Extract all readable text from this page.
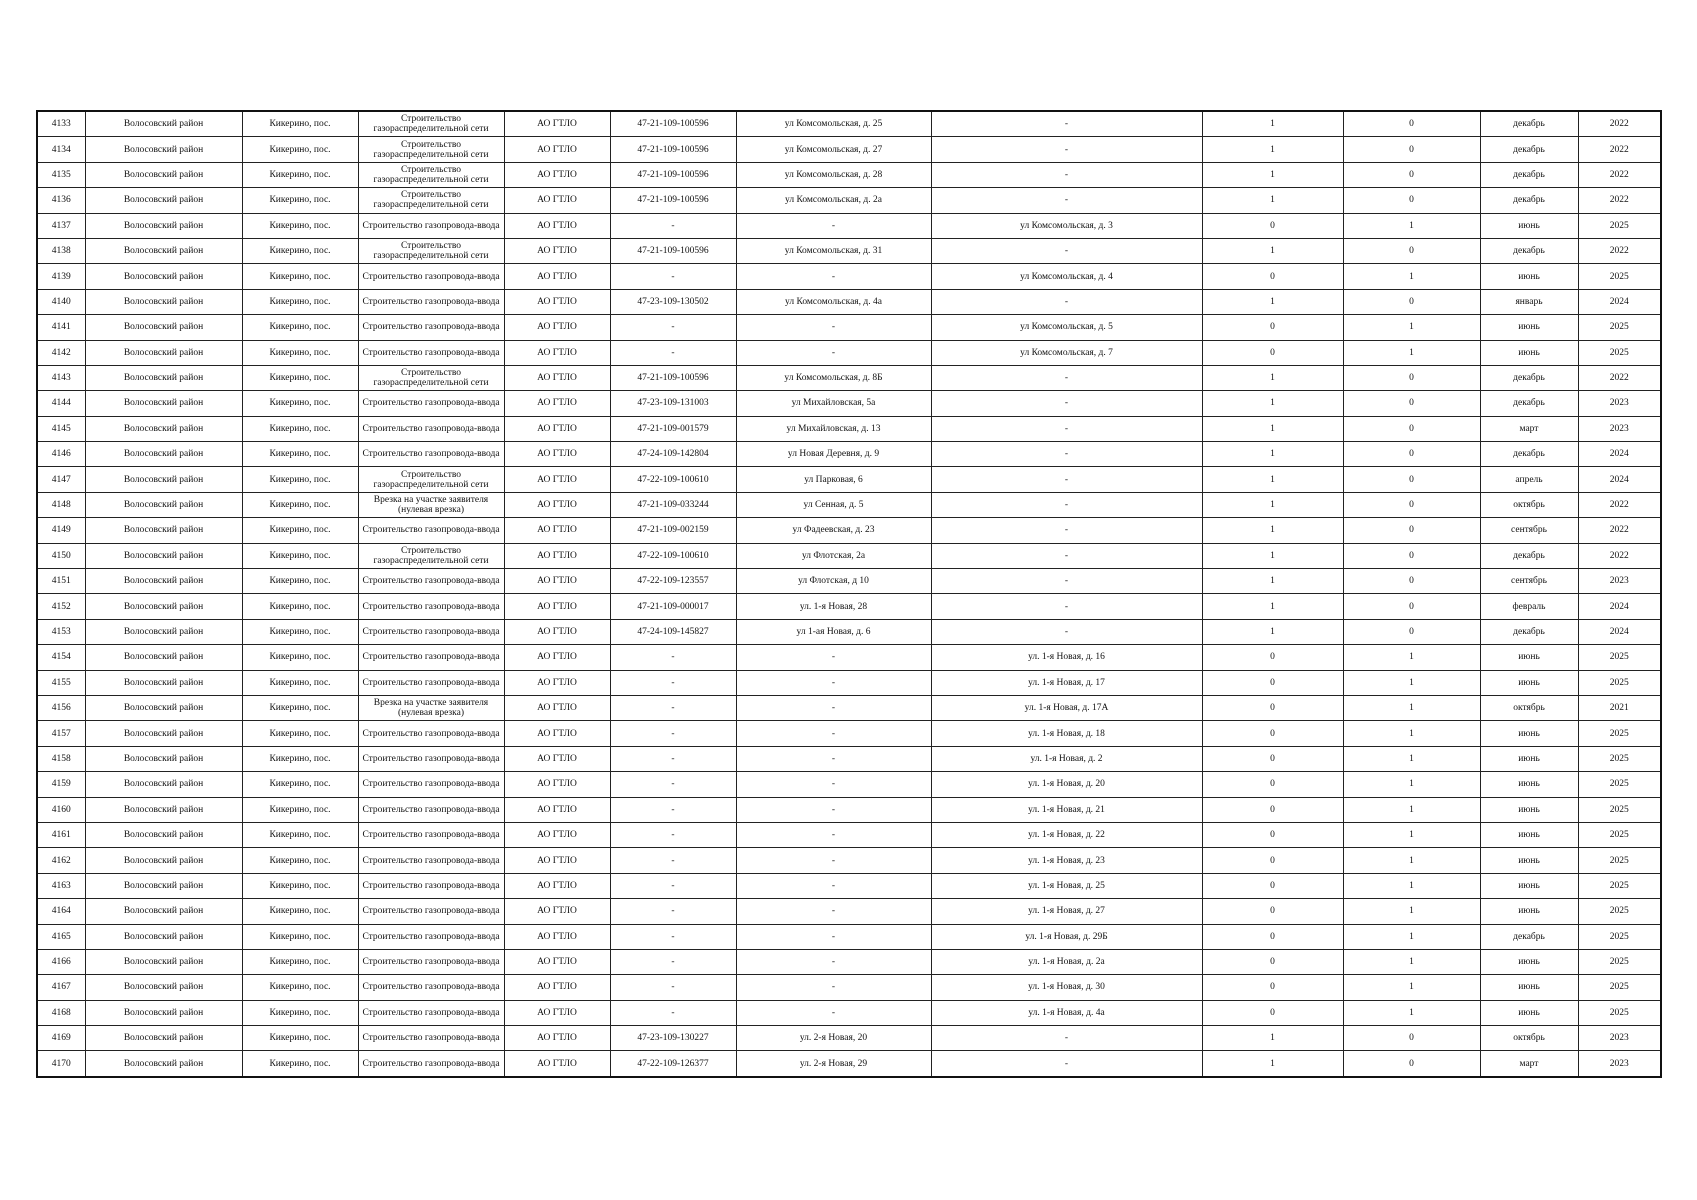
4133	Волосовский район	Кикерино, пос.	Строительство газораспределительной сети	АО ГТЛО	47-21-109-100596	ул Комсомольская, д. 25	-	1	0	декабрь	2022
4134	Волосовский район	Кикерино, пос.	Строительство газораспределительной сети	АО ГТЛО	47-21-109-100596	ул Комсомольская, д. 27	-	1	0	декабрь	2022
4135	Волосовский район	Кикерино, пос.	Строительство газораспределительной сети	АО ГТЛО	47-21-109-100596	ул Комсомольская, д. 28	-	1	0	декабрь	2022
4136	Волосовский район	Кикерино, пос.	Строительство газораспределительной сети	АО ГТЛО	47-21-109-100596	ул Комсомольская, д. 2а	-	1	0	декабрь	2022
4137	Волосовский район	Кикерино, пос.	Строительство газопровода-ввода	АО ГТЛО	-	-	ул Комсомольская, д. 3	0	1	июнь	2025
4138	Волосовский район	Кикерино, пос.	Строительство газораспределительной сети	АО ГТЛО	47-21-109-100596	ул Комсомольская, д. 31	-	1	0	декабрь	2022
4139	Волосовский район	Кикерино, пос.	Строительство газопровода-ввода	АО ГТЛО	-	-	ул Комсомольская, д. 4	0	1	июнь	2025
4140	Волосовский район	Кикерино, пос.	Строительство газопровода-ввода	АО ГТЛО	47-23-109-130502	ул Комсомольская, д. 4а	-	1	0	январь	2024
4141	Волосовский район	Кикерино, пос.	Строительство газопровода-ввода	АО ГТЛО	-	-	ул Комсомольская, д. 5	0	1	июнь	2025
4142	Волосовский район	Кикерино, пос.	Строительство газопровода-ввода	АО ГТЛО	-	-	ул Комсомольская, д. 7	0	1	июнь	2025
4143	Волосовский район	Кикерино, пос.	Строительство газораспределительной сети	АО ГТЛО	47-21-109-100596	ул Комсомольская, д. 8Б	-	1	0	декабрь	2022
4144	Волосовский район	Кикерино, пос.	Строительство газопровода-ввода	АО ГТЛО	47-23-109-131003	ул Михайловская, 5а	-	1	0	декабрь	2023
4145	Волосовский район	Кикерино, пос.	Строительство газопровода-ввода	АО ГТЛО	47-21-109-001579	ул Михайловская, д. 13	-	1	0	март	2023
4146	Волосовский район	Кикерино, пос.	Строительство газопровода-ввода	АО ГТЛО	47-24-109-142804	ул Новая Деревня, д. 9	-	1	0	декабрь	2024
4147	Волосовский район	Кикерино, пос.	Строительство газораспределительной сети	АО ГТЛО	47-22-109-100610	ул Парковая, 6	-	1	0	апрель	2024
4148	Волосовский район	Кикерино, пос.	Врезка на участке заявителя (нулевая врезка)	АО ГТЛО	47-21-109-033244	ул Сенная, д. 5	-	1	0	октябрь	2022
4149	Волосовский район	Кикерино, пос.	Строительство газопровода-ввода	АО ГТЛО	47-21-109-002159	ул Фадеевская, д. 23	-	1	0	сентябрь	2022
4150	Волосовский район	Кикерино, пос.	Строительство газораспределительной сети	АО ГТЛО	47-22-109-100610	ул Флотская, 2а	-	1	0	декабрь	2022
4151	Волосовский район	Кикерино, пос.	Строительство газопровода-ввода	АО ГТЛО	47-22-109-123557	ул Флотская, д 10	-	1	0	сентябрь	2023
4152	Волосовский район	Кикерино, пос.	Строительство газопровода-ввода	АО ГТЛО	47-21-109-000017	ул. 1-я Новая, 28	-	1	0	февраль	2024
4153	Волосовский район	Кикерино, пос.	Строительство газопровода-ввода	АО ГТЛО	47-24-109-145827	ул 1-ая Новая, д. 6	-	1	0	декабрь	2024
4154	Волосовский район	Кикерино, пос.	Строительство газопровода-ввода	АО ГТЛО	-	-	ул. 1-я Новая, д. 16	0	1	июнь	2025
4155	Волосовский район	Кикерино, пос.	Строительство газопровода-ввода	АО ГТЛО	-	-	ул. 1-я Новая, д. 17	0	1	июнь	2025
4156	Волосовский район	Кикерино, пос.	Врезка на участке заявителя (нулевая врезка)	АО ГТЛО	-	-	ул. 1-я Новая, д. 17А	0	1	октябрь	2021
4157	Волосовский район	Кикерино, пос.	Строительство газопровода-ввода	АО ГТЛО	-	-	ул. 1-я Новая, д. 18	0	1	июнь	2025
4158	Волосовский район	Кикерино, пос.	Строительство газопровода-ввода	АО ГТЛО	-	-	ул. 1-я Новая, д. 2	0	1	июнь	2025
4159	Волосовский район	Кикерино, пос.	Строительство газопровода-ввода	АО ГТЛО	-	-	ул. 1-я Новая, д. 20	0	1	июнь	2025
4160	Волосовский район	Кикерино, пос.	Строительство газопровода-ввода	АО ГТЛО	-	-	ул. 1-я Новая, д. 21	0	1	июнь	2025
4161	Волосовский район	Кикерино, пос.	Строительство газопровода-ввода	АО ГТЛО	-	-	ул. 1-я Новая, д. 22	0	1	июнь	2025
4162	Волосовский район	Кикерино, пос.	Строительство газопровода-ввода	АО ГТЛО	-	-	ул. 1-я Новая, д. 23	0	1	июнь	2025
4163	Волосовский район	Кикерино, пос.	Строительство газопровода-ввода	АО ГТЛО	-	-	ул. 1-я Новая, д. 25	0	1	июнь	2025
4164	Волосовский район	Кикерино, пос.	Строительство газопровода-ввода	АО ГТЛО	-	-	ул. 1-я Новая, д. 27	0	1	июнь	2025
4165	Волосовский район	Кикерино, пос.	Строительство газопровода-ввода	АО ГТЛО	-	-	ул. 1-я Новая, д. 29Б	0	1	декабрь	2025
4166	Волосовский район	Кикерино, пос.	Строительство газопровода-ввода	АО ГТЛО	-	-	ул. 1-я Новая, д. 2а	0	1	июнь	2025
4167	Волосовский район	Кикерино, пос.	Строительство газопровода-ввода	АО ГТЛО	-	-	ул. 1-я Новая, д. 30	0	1	июнь	2025
4168	Волосовский район	Кикерино, пос.	Строительство газопровода-ввода	АО ГТЛО	-	-	ул. 1-я Новая, д. 4а	0	1	июнь	2025
4169	Волосовский район	Кикерино, пос.	Строительство газопровода-ввода	АО ГТЛО	47-23-109-130227	ул. 2-я Новая, 20	-	1	0	октябрь	2023
4170	Волосовский район	Кикерино, пос.	Строительство газопровода-ввода	АО ГТЛО	47-22-109-126377	ул. 2-я Новая, 29	-	1	0	март	2023
